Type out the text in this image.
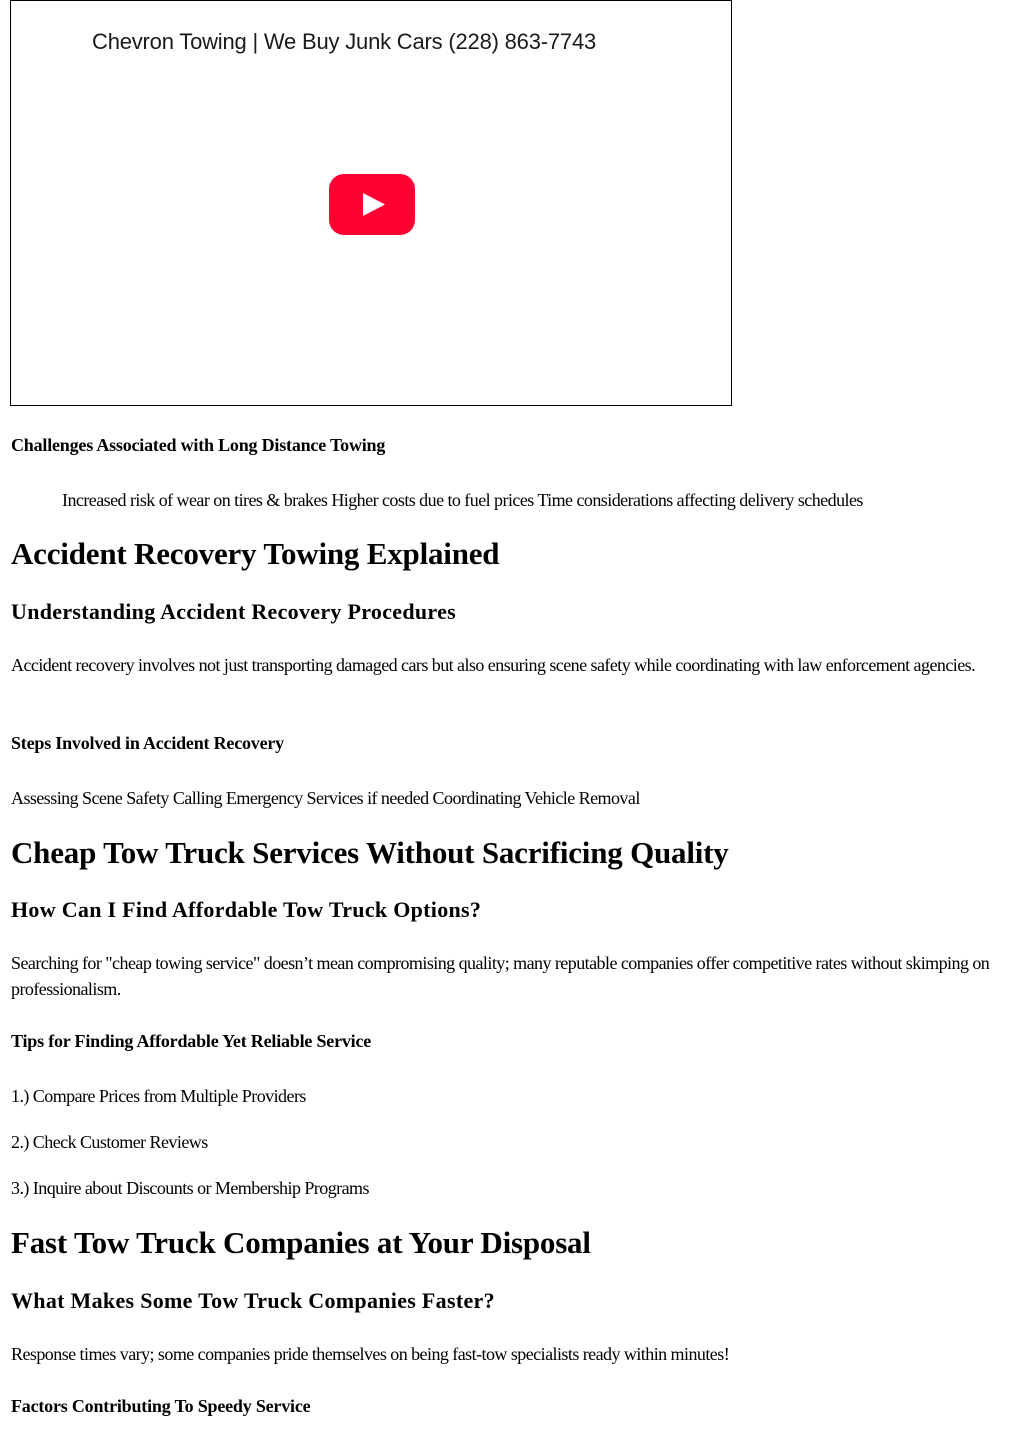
Chevron Towing | We Buy Junk Cars (228) 863-7743
Challenges Associated with Long Distance Towing
Increased risk of wear on tires & brakes Higher costs due to fuel prices Time considerations affecting delivery schedules
Accident Recovery Towing Explained
Understanding Accident Recovery Procedures
Accident recovery involves not just transporting damaged cars but also ensuring scene safety while coordinating with law enforcement agencies.
Steps Involved in Accident Recovery
Assessing Scene Safety Calling Emergency Services if needed Coordinating Vehicle Removal
Cheap Tow Truck Services Without Sacrificing Quality
How Can I Find Affordable Tow Truck Options?
Searching for "cheap towing service" doesn’t mean compromising quality; many reputable companies offer competitive rates without skimping on professionalism.
Tips for Finding Affordable Yet Reliable Service
1.) Compare Prices from Multiple Providers
2.) Check Customer Reviews
3.) Inquire about Discounts or Membership Programs
Fast Tow Truck Companies at Your Disposal
What Makes Some Tow Truck Companies Faster?
Response times vary; some companies pride themselves on being fast-tow specialists ready within minutes!
Factors Contributing To Speedy Service
